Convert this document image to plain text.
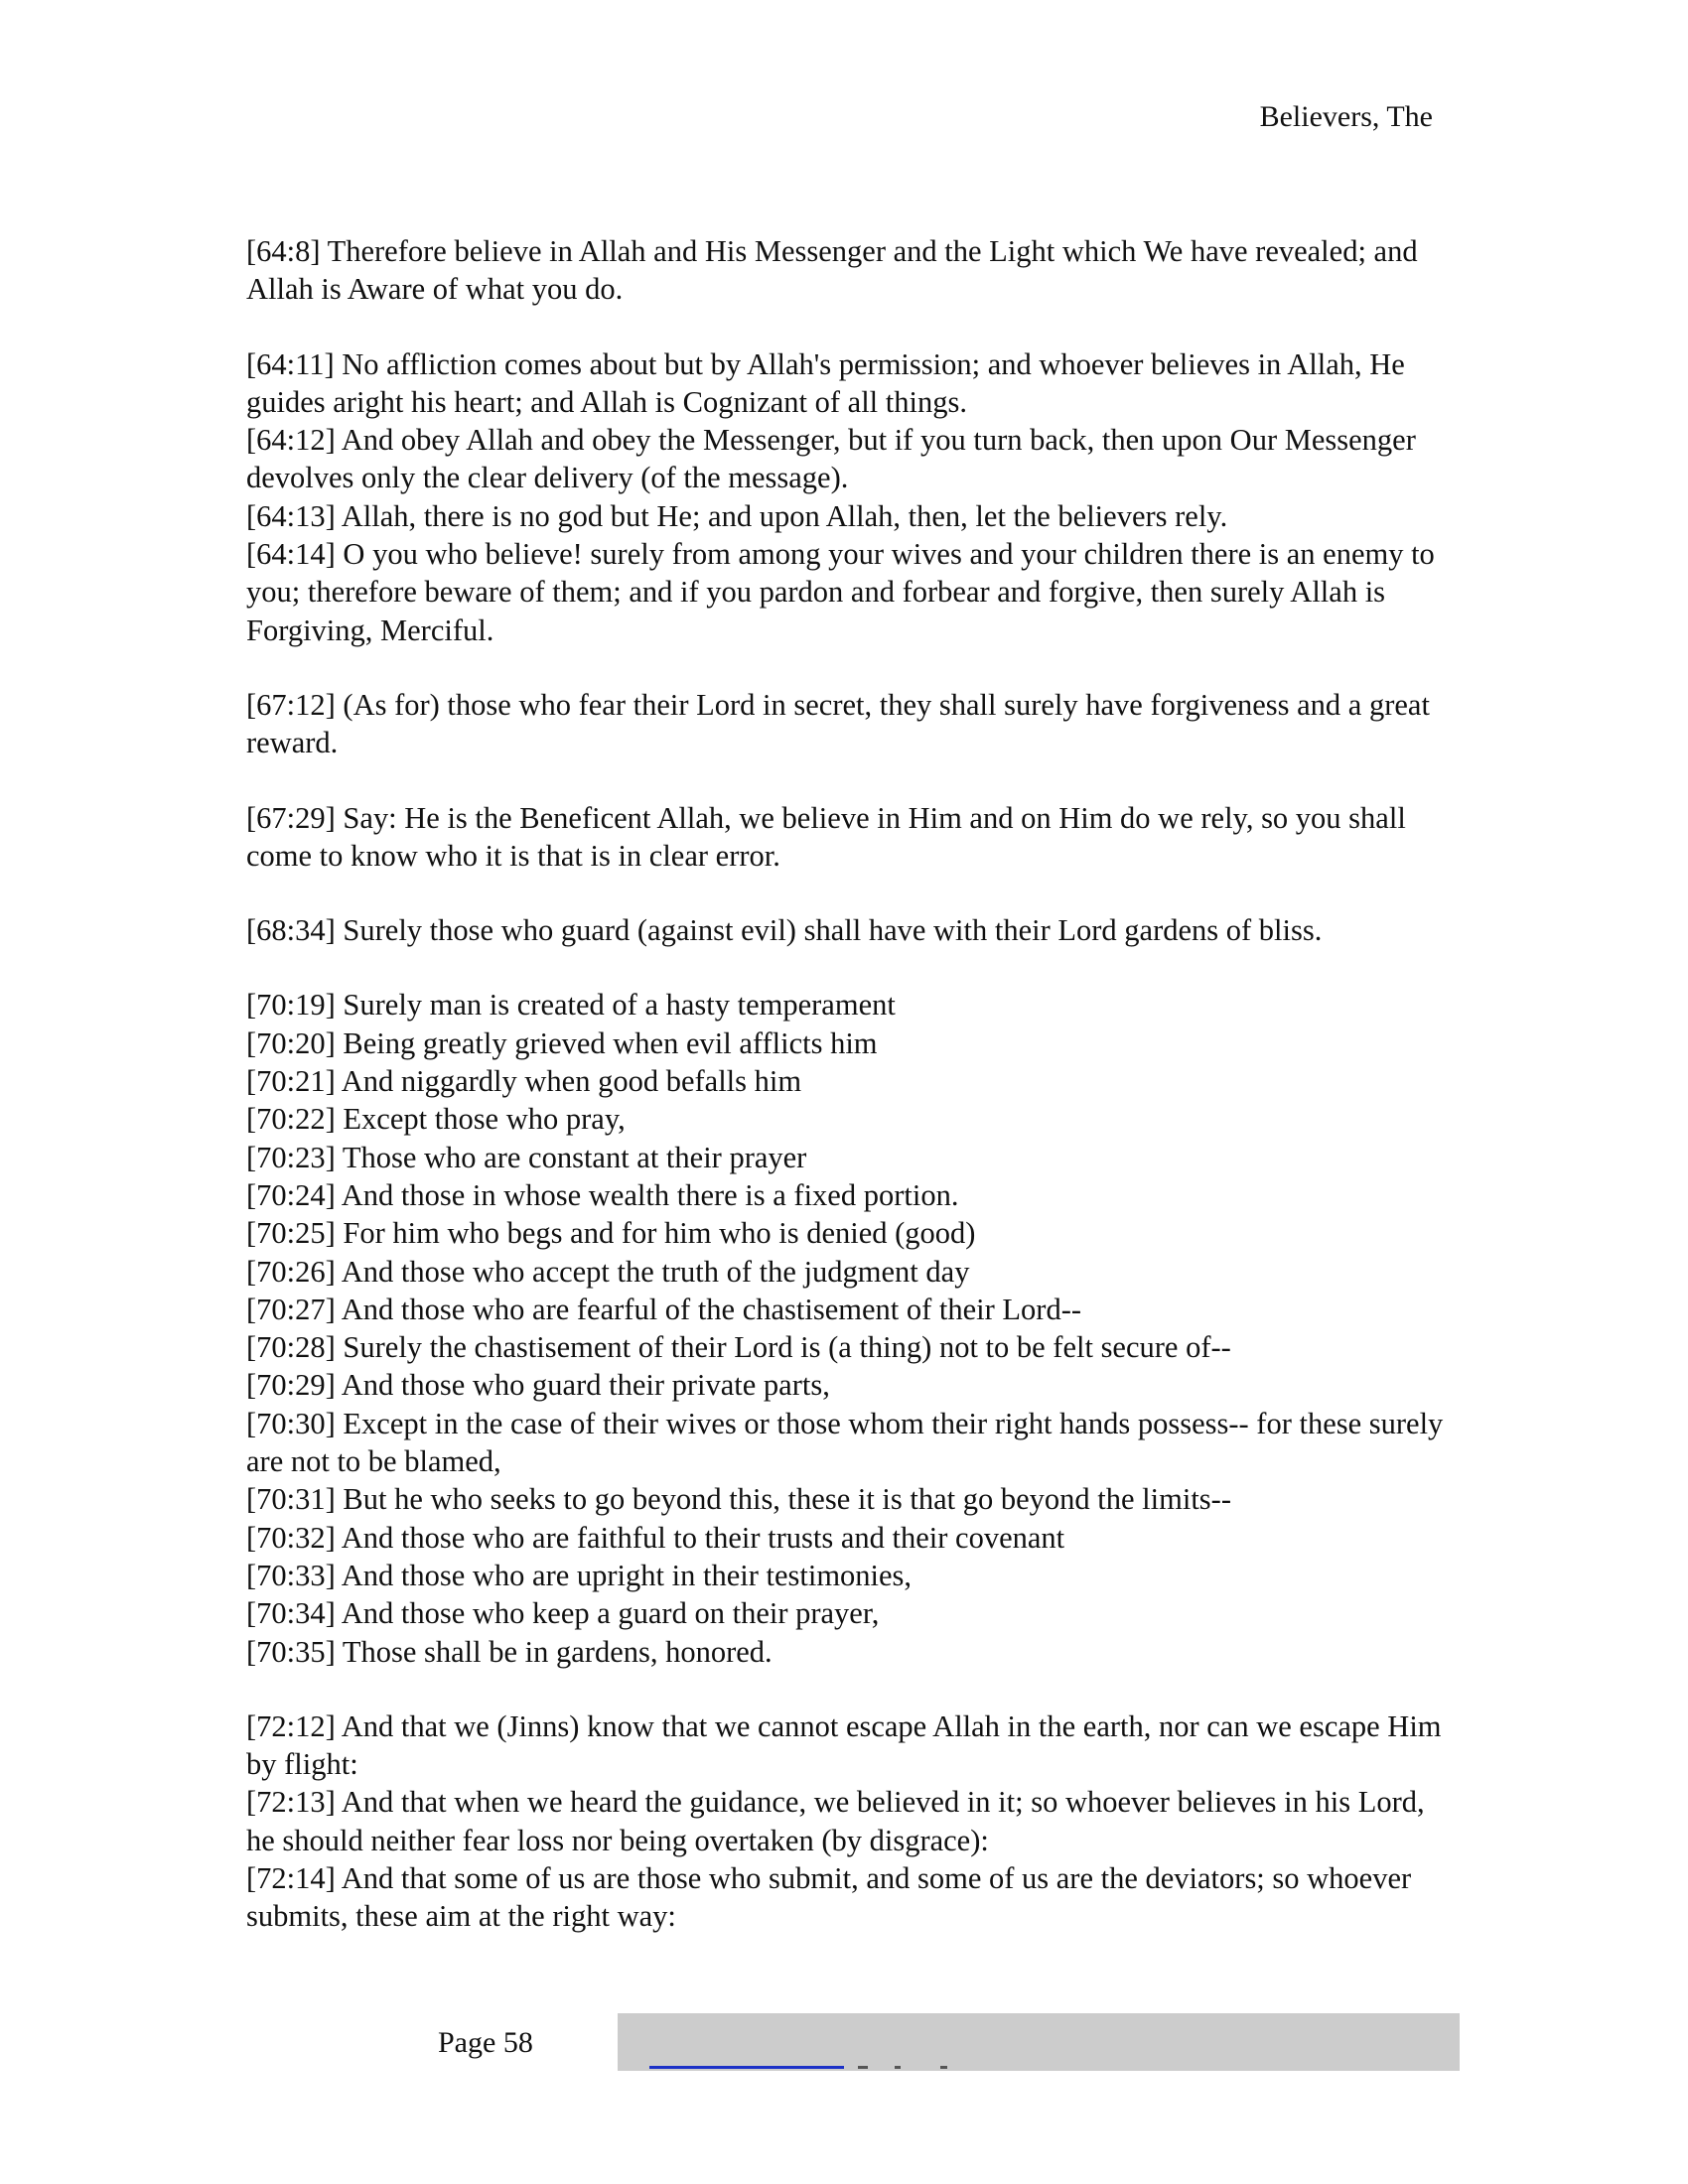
Believers, The

[64:8] Therefore believe in Allah and His Messenger and the Light which We have revealed; and Allah is Aware of what you do.

[64:11] No affliction comes about but by Allah's permission; and whoever believes in Allah, He guides aright his heart; and Allah is Cognizant of all things.

[64:12] And obey Allah and obey the Messenger, but if you turn back, then upon Our Messenger devolves only the clear delivery (of the message).

[64:13] Allah, there is no god but He; and upon Allah, then, let the believers rely.

[64:14] O you who believe! surely from among your wives and your children there is an enemy to you; therefore beware of them; and if you pardon and forbear and forgive, then surely Allah is Forgiving, Merciful.

[67:12] (As for) those who fear their Lord in secret, they shall surely have forgiveness and a great reward.

[67:29] Say: He is the Beneficent Allah, we believe in Him and on Him do we rely, so you shall come to know who it is that is in clear error.

[68:34] Surely those who guard (against evil) shall have with their Lord gardens of bliss.

[70:19] Surely man is created of a hasty temperament

[70:20] Being greatly grieved when evil afflicts him

[70:21] And niggardly when good befalls him

[70:22] Except those who pray,

[70:23] Those who are constant at their prayer

[70:24] And those in whose wealth there is a fixed portion.

[70:25] For him who begs and for him who is denied (good)

[70:26] And those who accept the truth of the judgment day

[70:27] And those who are fearful of the chastisement of their Lord--

[70:28] Surely the chastisement of their Lord is (a thing) not to be felt secure of--

[70:29] And those who guard their private parts,

[70:30] Except in the case of their wives or those whom their right hands possess-- for these surely are not to be blamed,

[70:31] But he who seeks to go beyond this, these it is that go beyond the limits--

[70:32] And those who are faithful to their trusts and their covenant

[70:33] And those who are upright in their testimonies,

[70:34] And those who keep a guard on their prayer,

[70:35] Those shall be in gardens, honored.

[72:12] And that we (Jinns) know that we cannot escape Allah in the earth, nor can we escape Him by flight:

[72:13] And that when we heard the guidance, we believed in it; so whoever believes in his Lord, he should neither fear loss nor being overtaken (by disgrace):

[72:14] And that some of us are those who submit, and some of us are the deviators; so whoever submits, these aim at the right way:

Page 58
